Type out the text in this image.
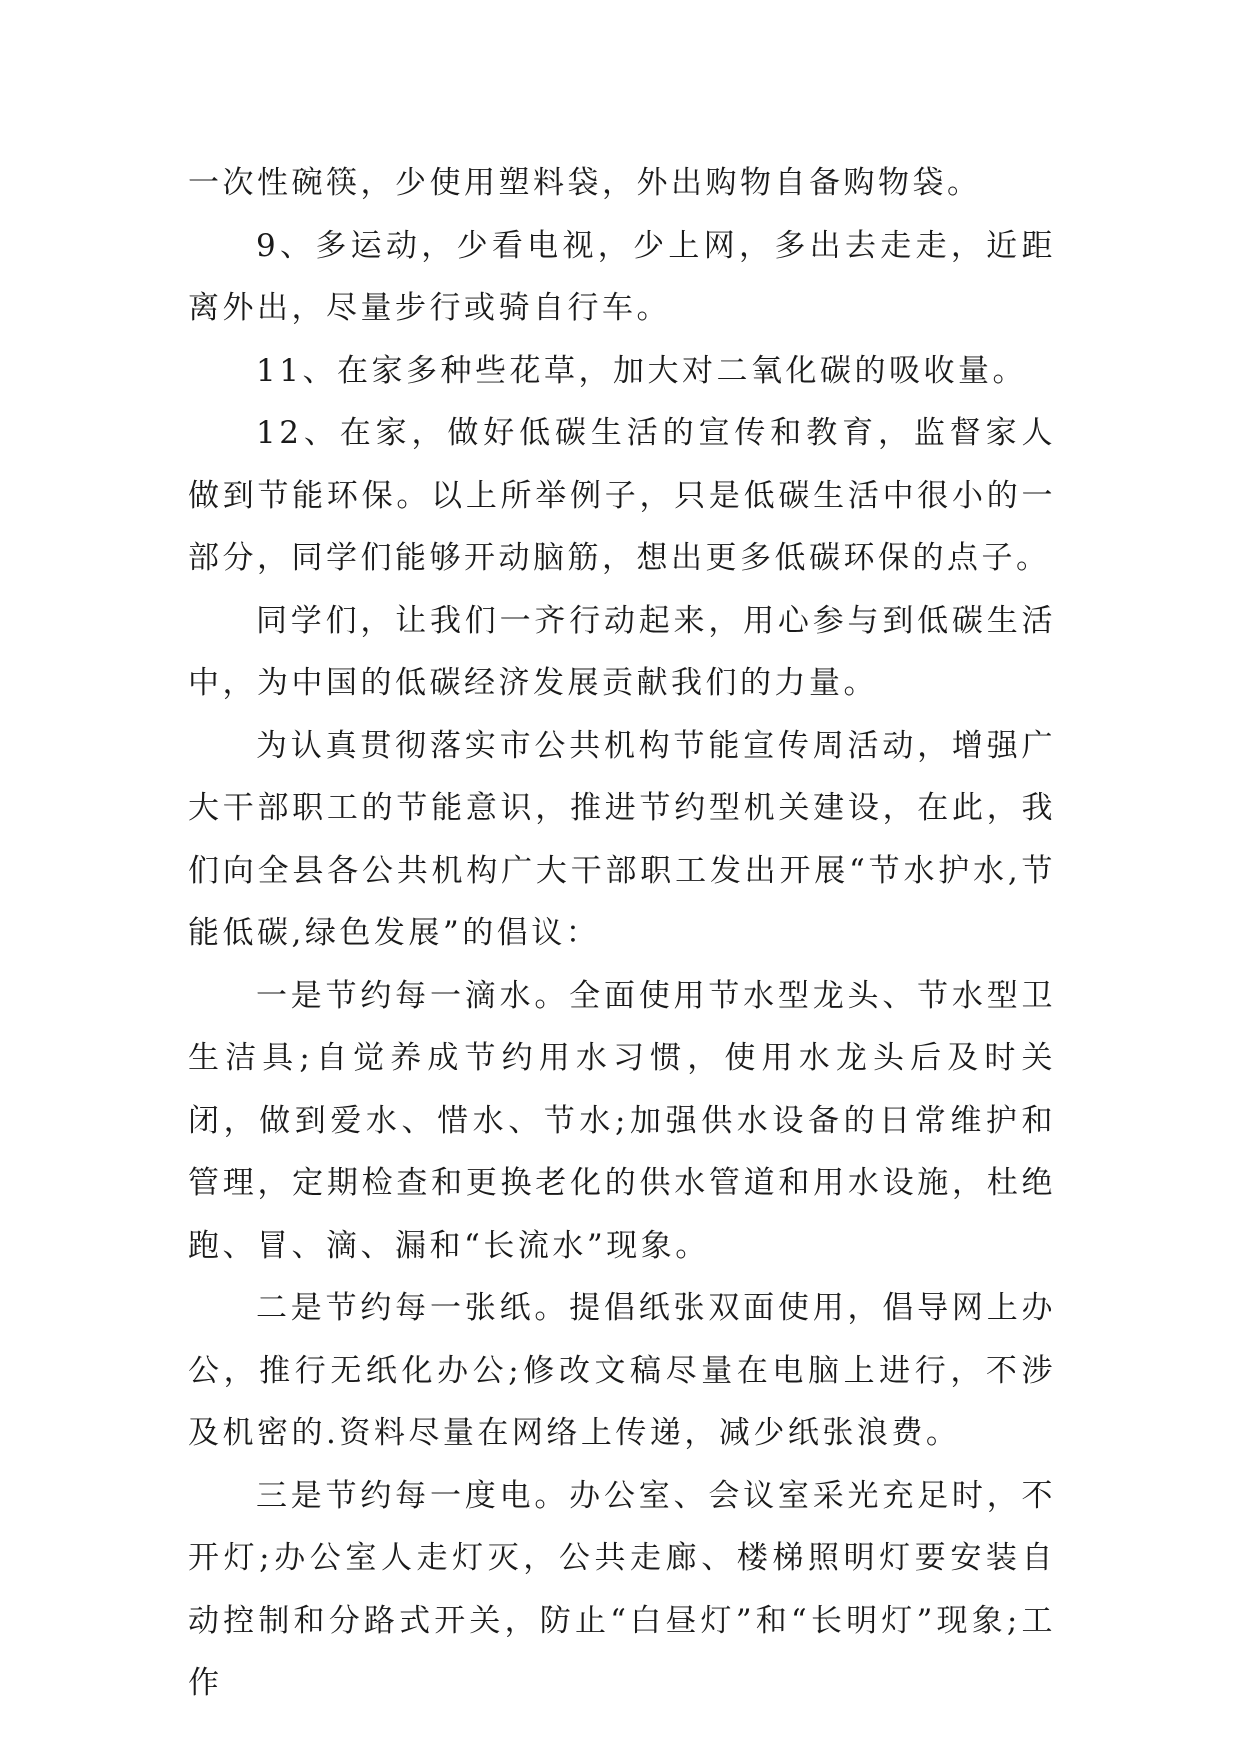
一次性碗筷，少使用塑料袋，外出购物自备购物袋。

9、多运动，少看电视，少上网，多出去走走，近距离外出，尽量步行或骑自行车。

11、在家多种些花草，加大对二氧化碳的吸收量。

12、在家，做好低碳生活的宣传和教育，监督家人做到节能环保。以上所举例子，只是低碳生活中很小的一部分，同学们能够开动脑筋，想出更多低碳环保的点子。

同学们，让我们一齐行动起来，用心参与到低碳生活中，为中国的低碳经济发展贡献我们的力量。

为认真贯彻落实市公共机构节能宣传周活动，增强广大干部职工的节能意识，推进节约型机关建设，在此，我们向全县各公共机构广大干部职工发出开展“节水护水,节能低碳,绿色发展”的倡议：

一是节约每一滴水。全面使用节水型龙头、节水型卫生洁具;自觉养成节约用水习惯，使用水龙头后及时关闭，做到爱水、惜水、节水;加强供水设备的日常维护和管理，定期检查和更换老化的供水管道和用水设施，杜绝跑、冒、滴、漏和“长流水”现象。

二是节约每一张纸。提倡纸张双面使用，倡导网上办公，推行无纸化办公;修改文稿尽量在电脑上进行，不涉及机密的.资料尽量在网络上传递，减少纸张浪费。

三是节约每一度电。办公室、会议室采光充足时，不开灯;办公室人走灯灭，公共走廊、楼梯照明灯要安装自动控制和分路式开关，防止“白昼灯”和“长明灯”现象;工作
